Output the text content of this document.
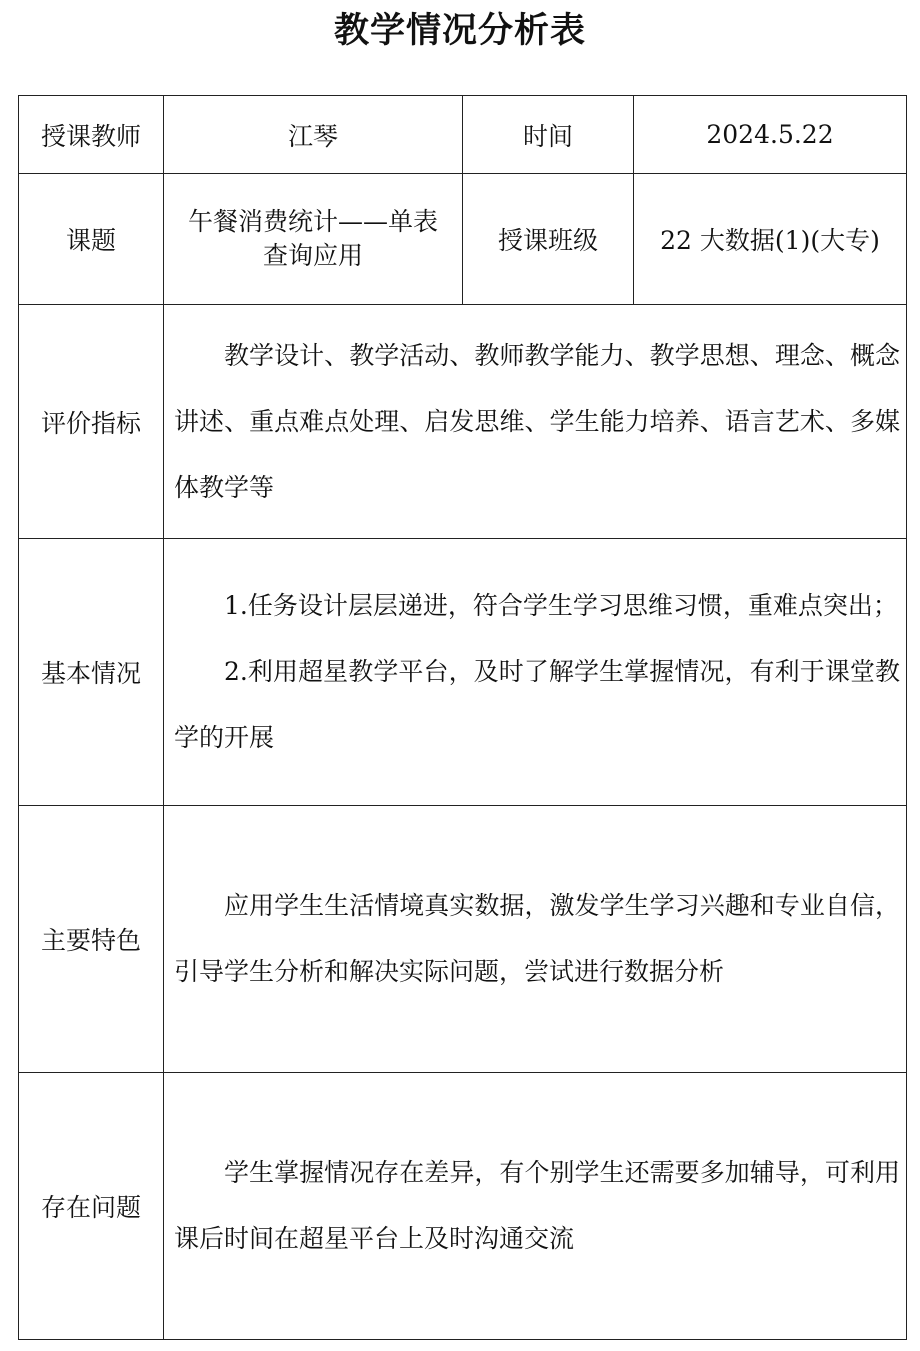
教学情况分析表
授课教师	江琴	时间	2024.5.22
课题	午餐消费统计——单表查询应用	授课班级	22 大数据(1)(大专)
评价指标	教学设计、教学活动、教师教学能力、教学思想、理念、概念讲述、重点难点处理、启发思维、学生能力培养、语言艺术、多媒体教学等		

基本情况	1.任务设计层层递进，符合学生学习思维习惯，重难点突出；

2.利用超星教学平台，及时了解学生掌握情况，有利于课堂教学的开展		

主要特色	应用学生生活情境真实数据，激发学生学习兴趣和专业自信，引导学生分析和解决实际问题，尝试进行数据分析		

存在问题	学生掌握情况存在差异，有个别学生还需要多加辅导，可利用课后时间在超星平台上及时沟通交流		
